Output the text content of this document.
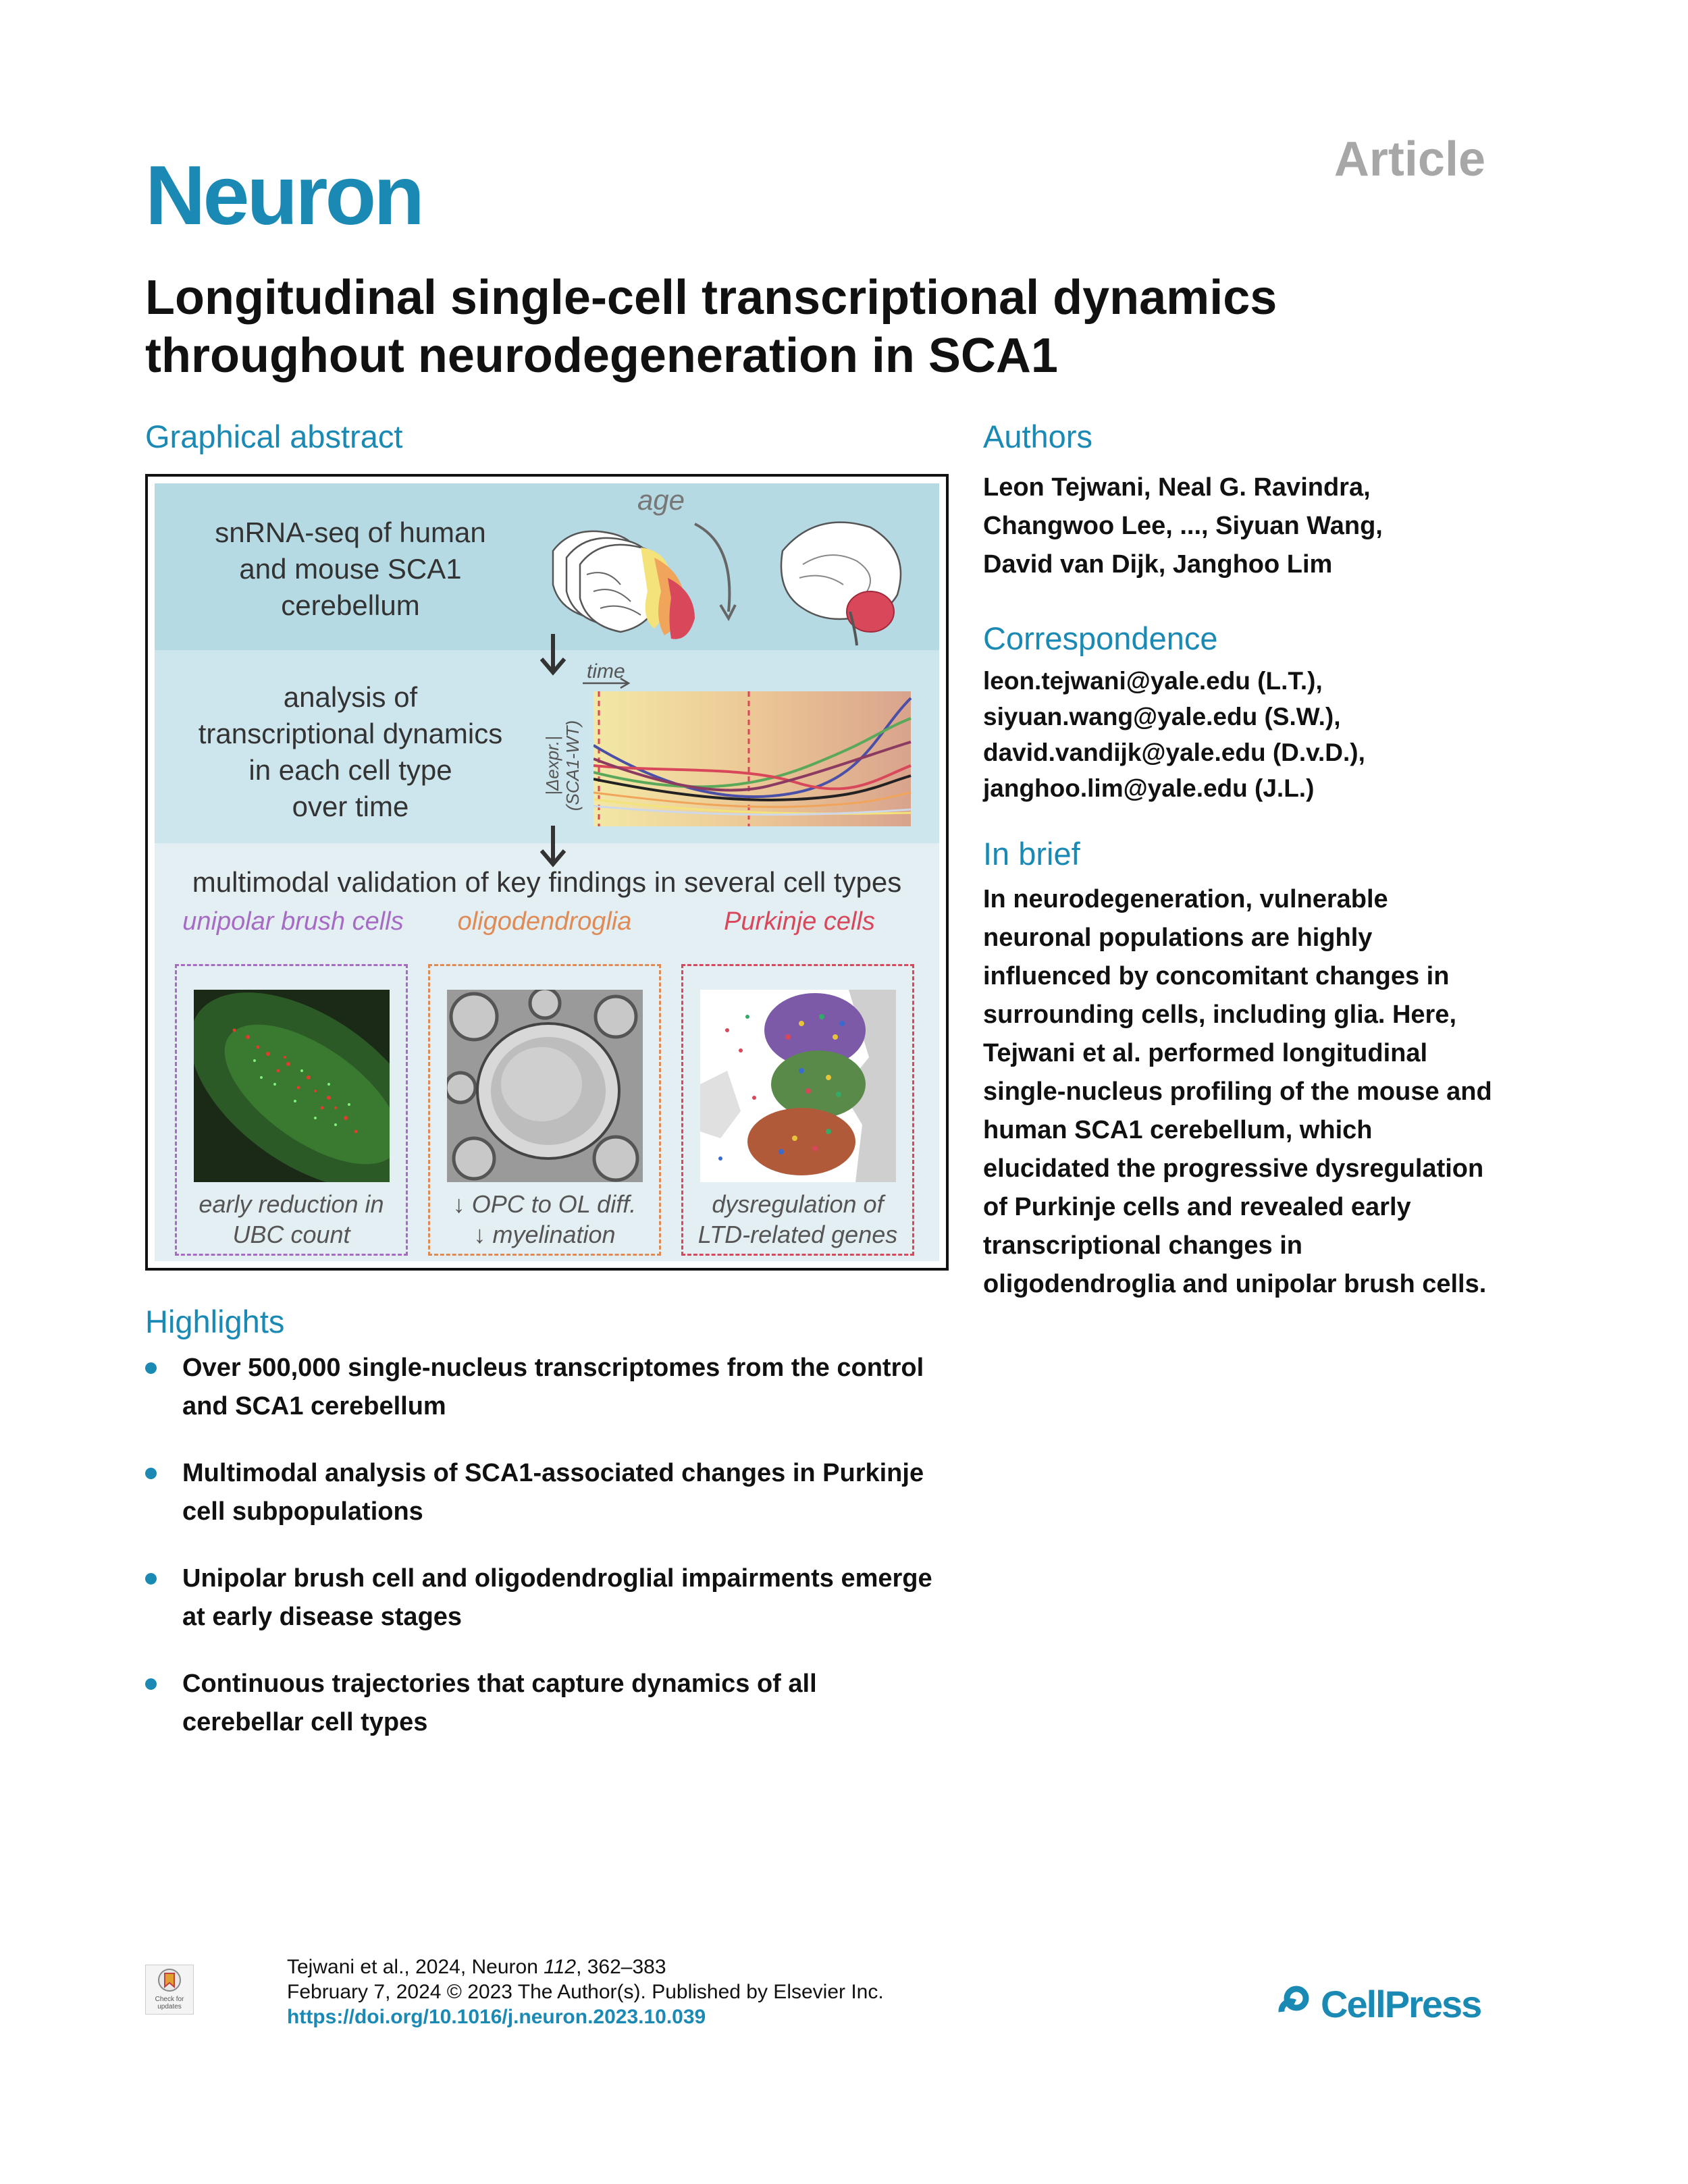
Neuron	Article
Longitudinal single-cell transcriptional dynamics
throughout neurodegeneration in SCA1
Graphical abstract
snRNA-seq of human
and mouse SCA1
cerebellum
age
analysis of
transcriptional dynamics
in each cell type
over time
time
|Δexpr.| (SCA1-WT)
multimodal validation of key findings in several cell types
unipolar brush cells	oligodendroglia	Purkinje cells
early reduction in
UBC count
↓ OPC to OL diff.
↓ myelination
dysregulation of
LTD-related genes
Authors
Leon Tejwani, Neal G. Ravindra,
Changwoo Lee, ..., Siyuan Wang,
David van Dijk, Janghoo Lim
Correspondence
leon.tejwani@yale.edu (L.T.),
siyuan.wang@yale.edu (S.W.),
david.vandijk@yale.edu (D.v.D.),
janghoo.lim@yale.edu (J.L.)
In brief
In neurodegeneration, vulnerable
neuronal populations are highly
influenced by concomitant changes in
surrounding cells, including glia. Here,
Tejwani et al. performed longitudinal
single-nucleus profiling of the mouse and
human SCA1 cerebellum, which
elucidated the progressive dysregulation
of Purkinje cells and revealed early
transcriptional changes in
oligodendroglia and unipolar brush cells.
Highlights
Over 500,000 single-nucleus transcriptomes from the control
and SCA1 cerebellum
Multimodal analysis of SCA1-associated changes in Purkinje
cell subpopulations
Unipolar brush cell and oligodendroglial impairments emerge
at early disease stages
Continuous trajectories that capture dynamics of all
cerebellar cell types
Check for
updates
Tejwani et al., 2024, Neuron 112, 362–383
February 7, 2024 © 2023 The Author(s). Published by Elsevier Inc.
https://doi.org/10.1016/j.neuron.2023.10.039	CellPress
